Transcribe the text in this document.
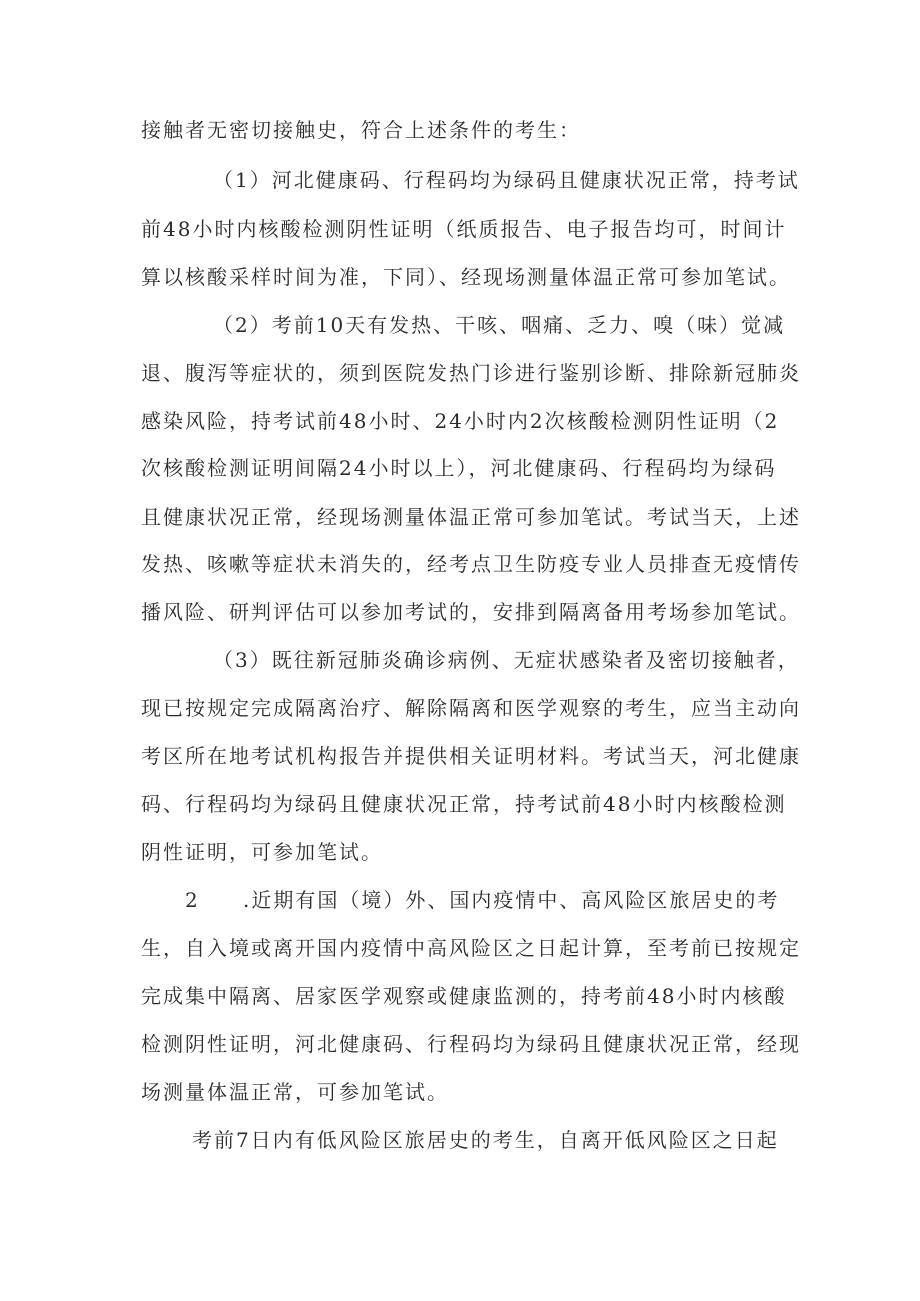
接触者无密切接触史，符合上述条件的考生：
（1）河北健康码、行程码均为绿码且健康状况正常，持考试
前48小时内核酸检测阴性证明（纸质报告、电子报告均可，时间计
算以核酸采样时间为准，下同）、经现场测量体温正常可参加笔试。
（2）考前10天有发热、干咳、咽痛、乏力、嗅（味）觉减
退、腹泻等症状的，须到医院发热门诊进行鉴别诊断、排除新冠肺炎
感染风险，持考试前48小时、24小时内2次核酸检测阴性证明（2
次核酸检测证明间隔24小时以上），河北健康码、行程码均为绿码
且健康状况正常，经现场测量体温正常可参加笔试。考试当天，上述
发热、咳嗽等症状未消失的，经考点卫生防疫专业人员排查无疫情传
播风险、研判评估可以参加考试的，安排到隔离备用考场参加笔试。
（3）既往新冠肺炎确诊病例、无症状感染者及密切接触者，
现已按规定完成隔离治疗、解除隔离和医学观察的考生，应当主动向
考区所在地考试机构报告并提供相关证明材料。考试当天，河北健康
码、行程码均为绿码且健康状况正常，持考试前48小时内核酸检测
阴性证明，可参加笔试。
2 .近期有国（境）外、国内疫情中、高风险区旅居史的考
生，自入境或离开国内疫情中高风险区之日起计算，至考前已按规定
完成集中隔离、居家医学观察或健康监测的，持考前48小时内核酸
检测阴性证明，河北健康码、行程码均为绿码且健康状况正常，经现
场测量体温正常，可参加笔试。
考前7日内有低风险区旅居史的考生，自离开低风险区之日起
